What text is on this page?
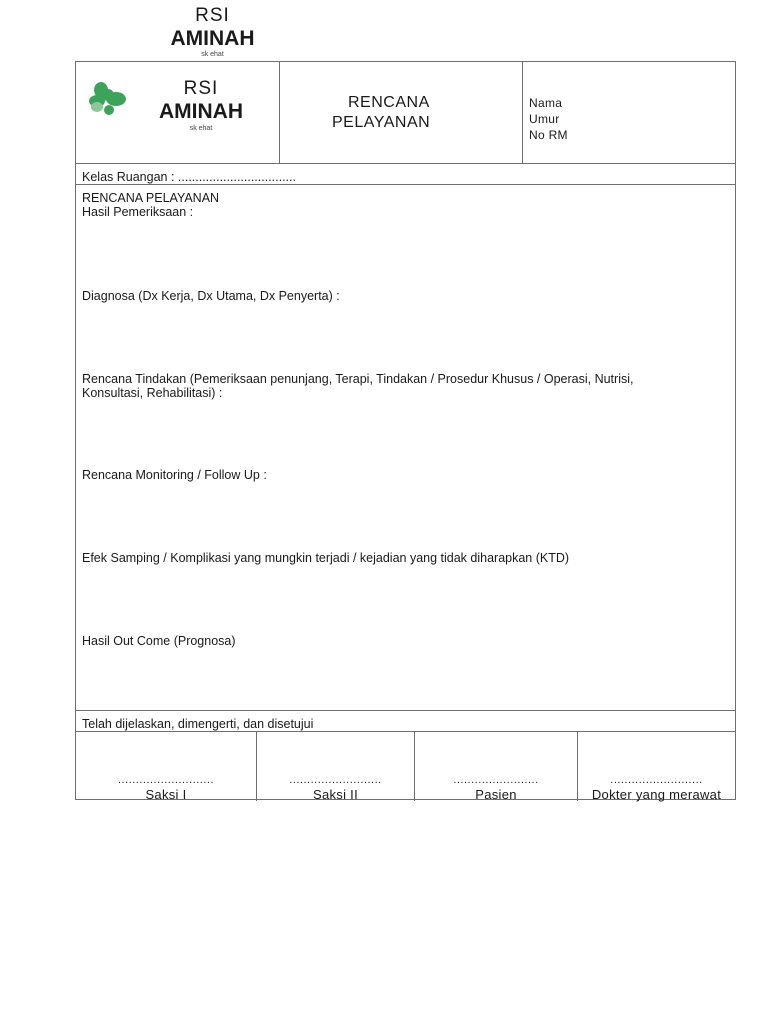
RSI
AMINAH
sk ehat
RSI
AMINAH
sk ehat
RENCANA
PELAYANAN
Nama
Umur
No RM
Kelas Ruangan : ..................................
RENCANA PELAYANAN
Hasil Pemeriksaan :
Diagnosa (Dx Kerja, Dx Utama, Dx Penyerta) :
Rencana Tindakan (Pemeriksaan penunjang, Terapi, Tindakan / Prosedur Khusus / Operasi, Nutrisi,
Konsultasi, Rehabilitasi) :
Rencana Monitoring / Follow Up :
Efek Samping / Komplikasi yang mungkin terjadi / kejadian yang tidak diharapkan (KTD)
Hasil Out Come (Prognosa)
Telah dijelaskan, dimengerti, dan disetujui
...........................
Saksi I
..........................
Saksi II
........................
Pasien
..........................
Dokter yang merawat
